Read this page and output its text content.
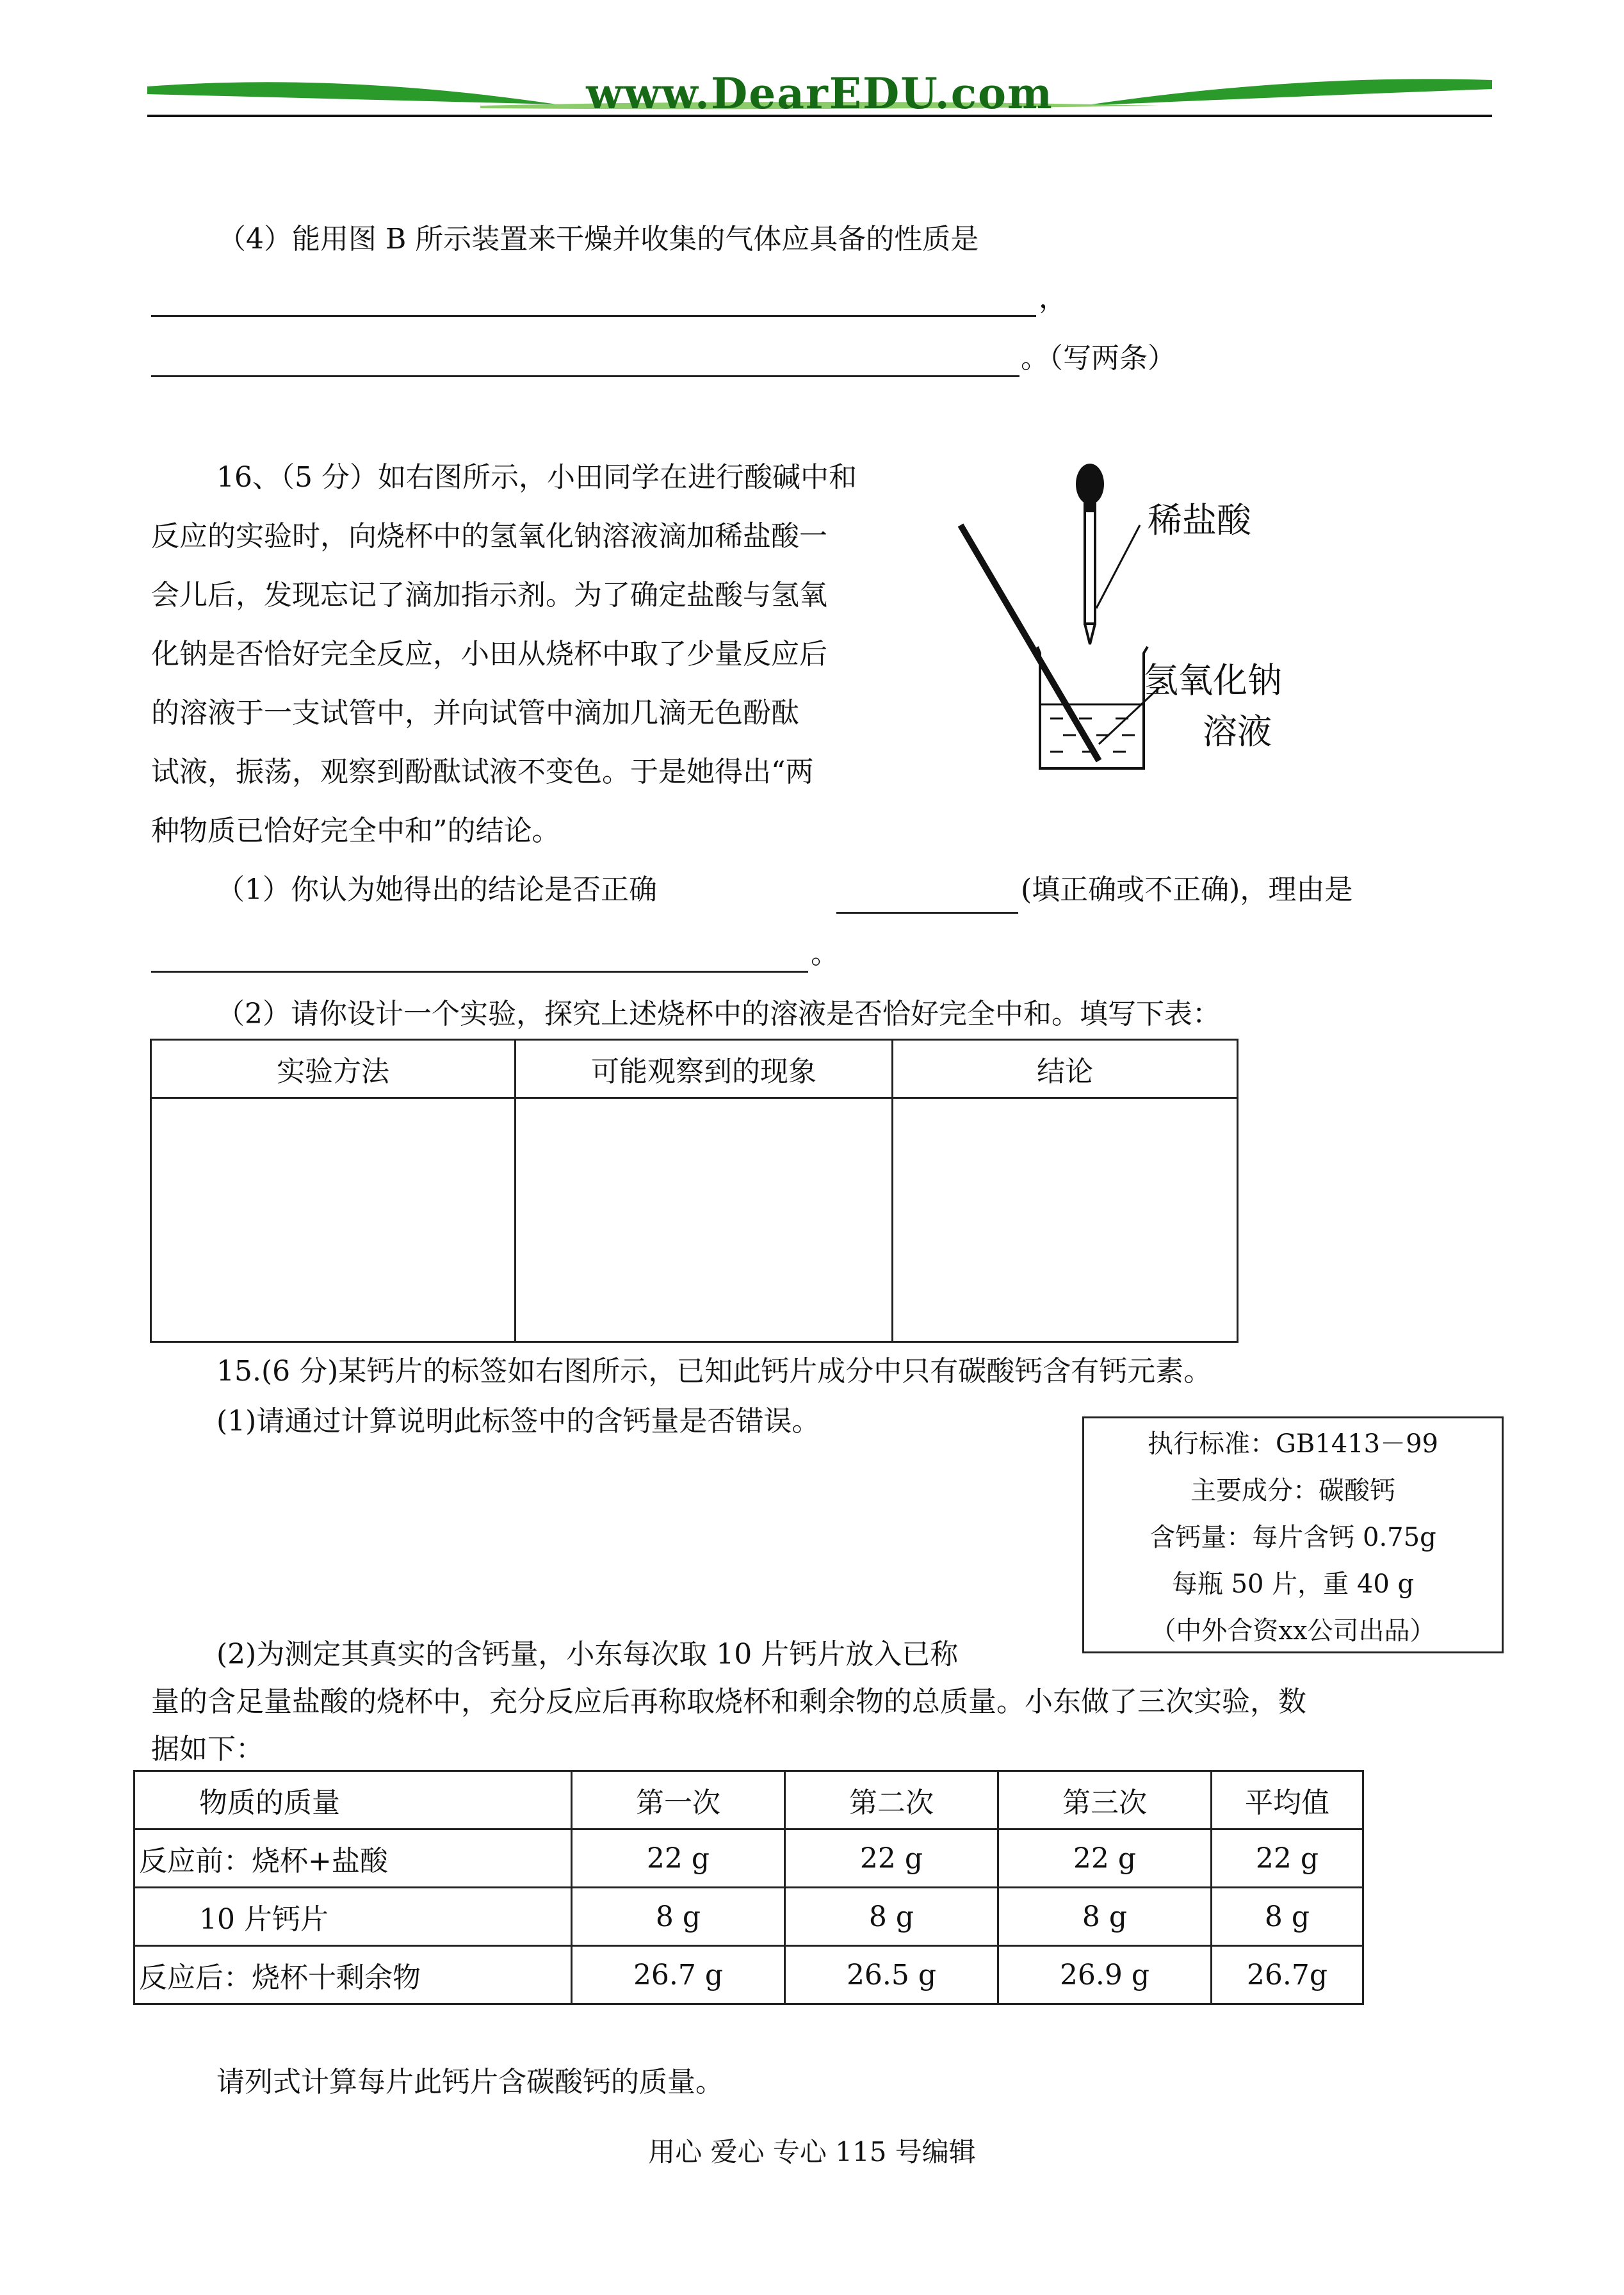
www.DearEDU.com
（4）能用图 B 所示装置来干燥并收集的气体应具备的性质是
，
。（写两条）
16、（5 分）如右图所示，小田同学在进行酸碱中和
反应的实验时，向烧杯中的氢氧化钠溶液滴加稀盐酸一
会儿后，发现忘记了滴加指示剂。为了确定盐酸与氢氧
化钠是否恰好完全反应，小田从烧杯中取了少量反应后
的溶液于一支试管中，并向试管中滴加几滴无色酚酞
试液，振荡，观察到酚酞试液不变色。于是她得出“两
种物质已恰好完全中和”的结论。
稀盐酸
氢氧化钠
溶液
（1）你认为她得出的结论是否正确	(填正确或不正确)，理由是
。
（2）请你设计一个实验，探究上述烧杯中的溶液是否恰好完全中和。填写下表：
实验方法	可能观察到的现象	结论

15.(6 分)某钙片的标签如右图所示，已知此钙片成分中只有碳酸钙含有钙元素。
(1)请通过计算说明此标签中的含钙量是否错误。
执行标准：GB1413－99
主要成分：碳酸钙
含钙量：每片含钙 0.75g
每瓶 50 片，重 40 g
（中外合资xx公司出品）
(2)为测定其真实的含钙量，小东每次取 10 片钙片放入已称
量的含足量盐酸的烧杯中，充分反应后再称取烧杯和剩余物的总质量。小东做了三次实验，数
据如下：
物质的质量	第一次	第二次	第三次	平均值
反应前：烧杯+盐酸	22 g	22 g	22 g	22 g
10 片钙片	8 g	8 g	8 g	8 g
反应后：烧杯十剩余物	26.7 g	26.5 g	26.9 g	26.7g
请列式计算每片此钙片含碳酸钙的质量。
用心 爱心 专心 115 号编辑
